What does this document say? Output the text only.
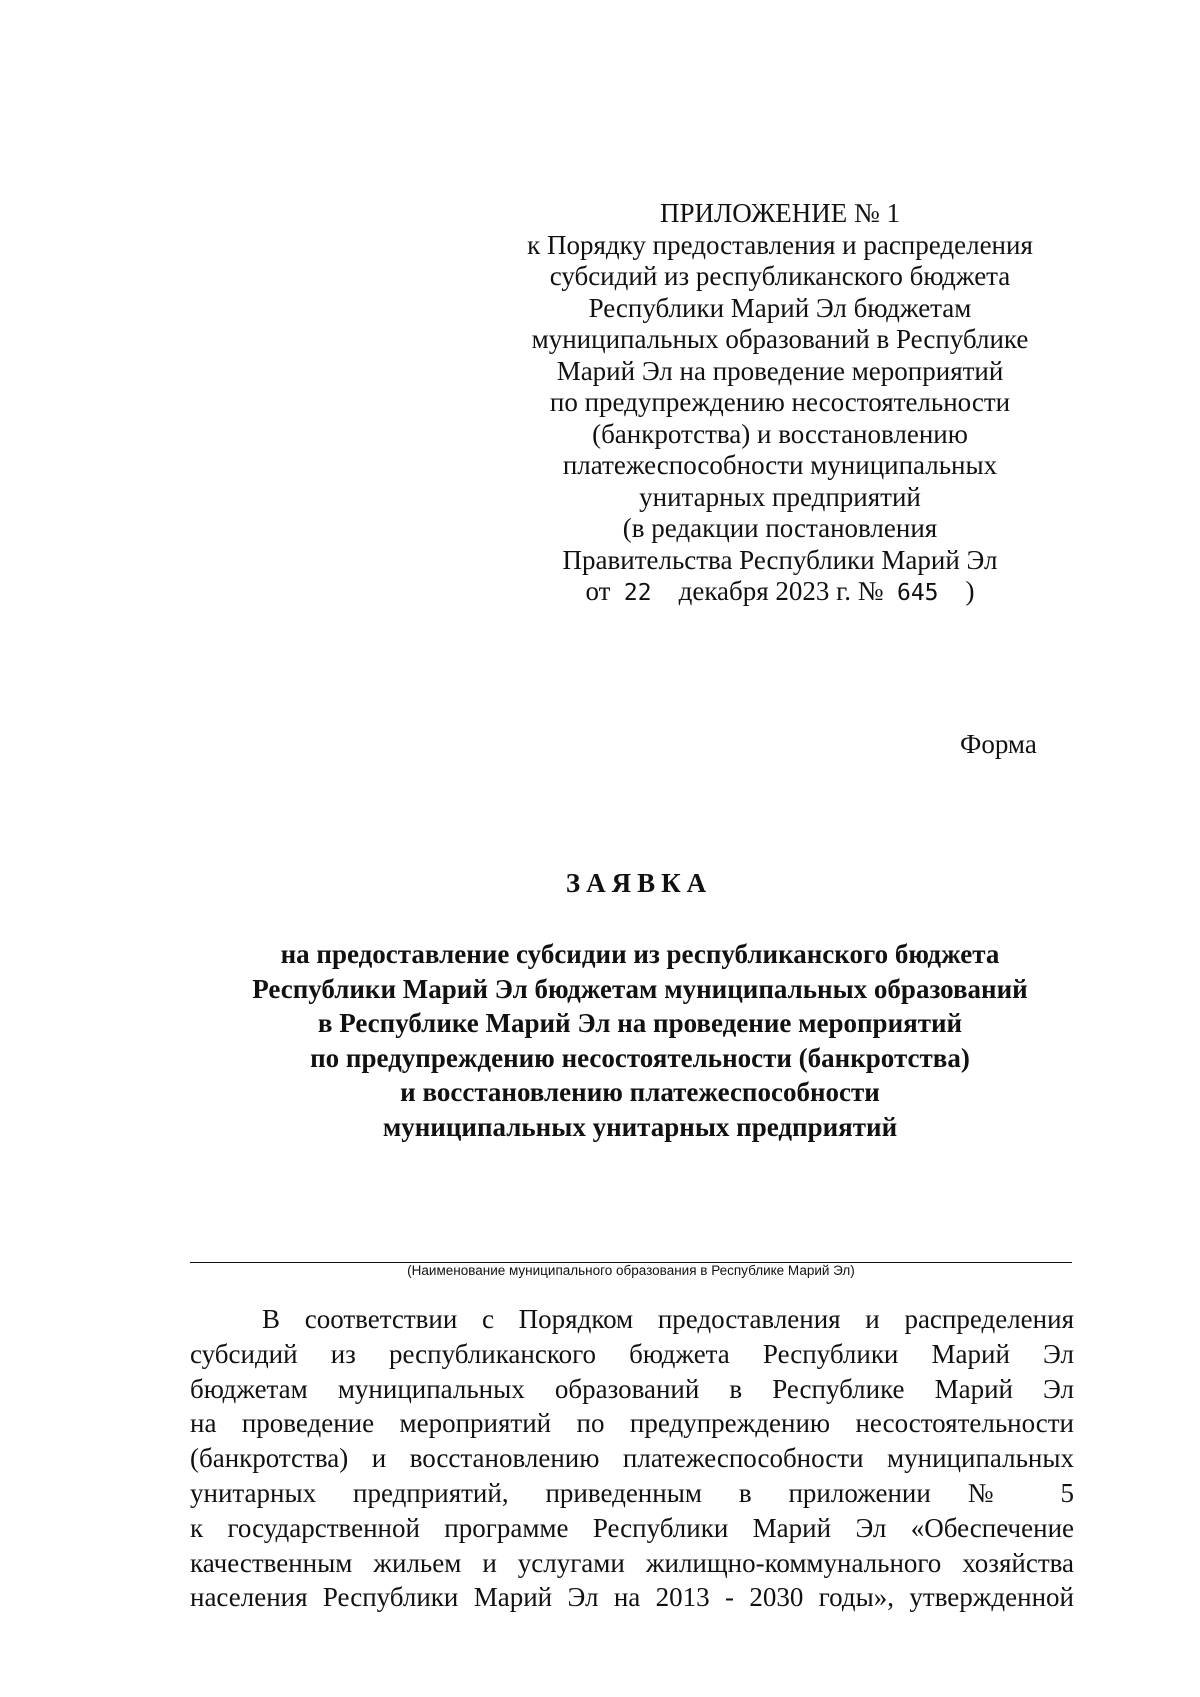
ПРИЛОЖЕНИЕ № 1
к Порядку предоставления и распределения
субсидий из республиканского бюджета
Республики Марий Эл бюджетам
муниципальных образований в Республике
Марий Эл на проведение мероприятий
по предупреждению несостоятельности
(банкротства) и восстановлению
платежеспособности муниципальных
унитарных предприятий
(в редакции постановления
Правительства Республики Марий Эл
от 22 декабря 2023 г. № 645 )
Форма
ЗАЯВКА
на предоставление субсидии из республиканского бюджета
Республики Марий Эл бюджетам муниципальных образований
в Республике Марий Эл на проведение мероприятий
по предупреждению несостоятельности (банкротства)
и восстановлению платежеспособности
муниципальных унитарных предприятий
(Наименование муниципального образования в Республике Марий Эл)
В соответствии с Порядком предоставления и распределения
субсидий из республиканского бюджета Республики Марий Эл
бюджетам муниципальных образований в Республике Марий Эл
на проведение мероприятий по предупреждению несостоятельности
(банкротства) и восстановлению платежеспособности муниципальных
унитарных предприятий, приведенным в приложении № 5
к государственной программе Республики Марий Эл «Обеспечение
качественным жильем и услугами жилищно-коммунального хозяйства
населения Республики Марий Эл на 2013 - 2030 годы», утвержденной
